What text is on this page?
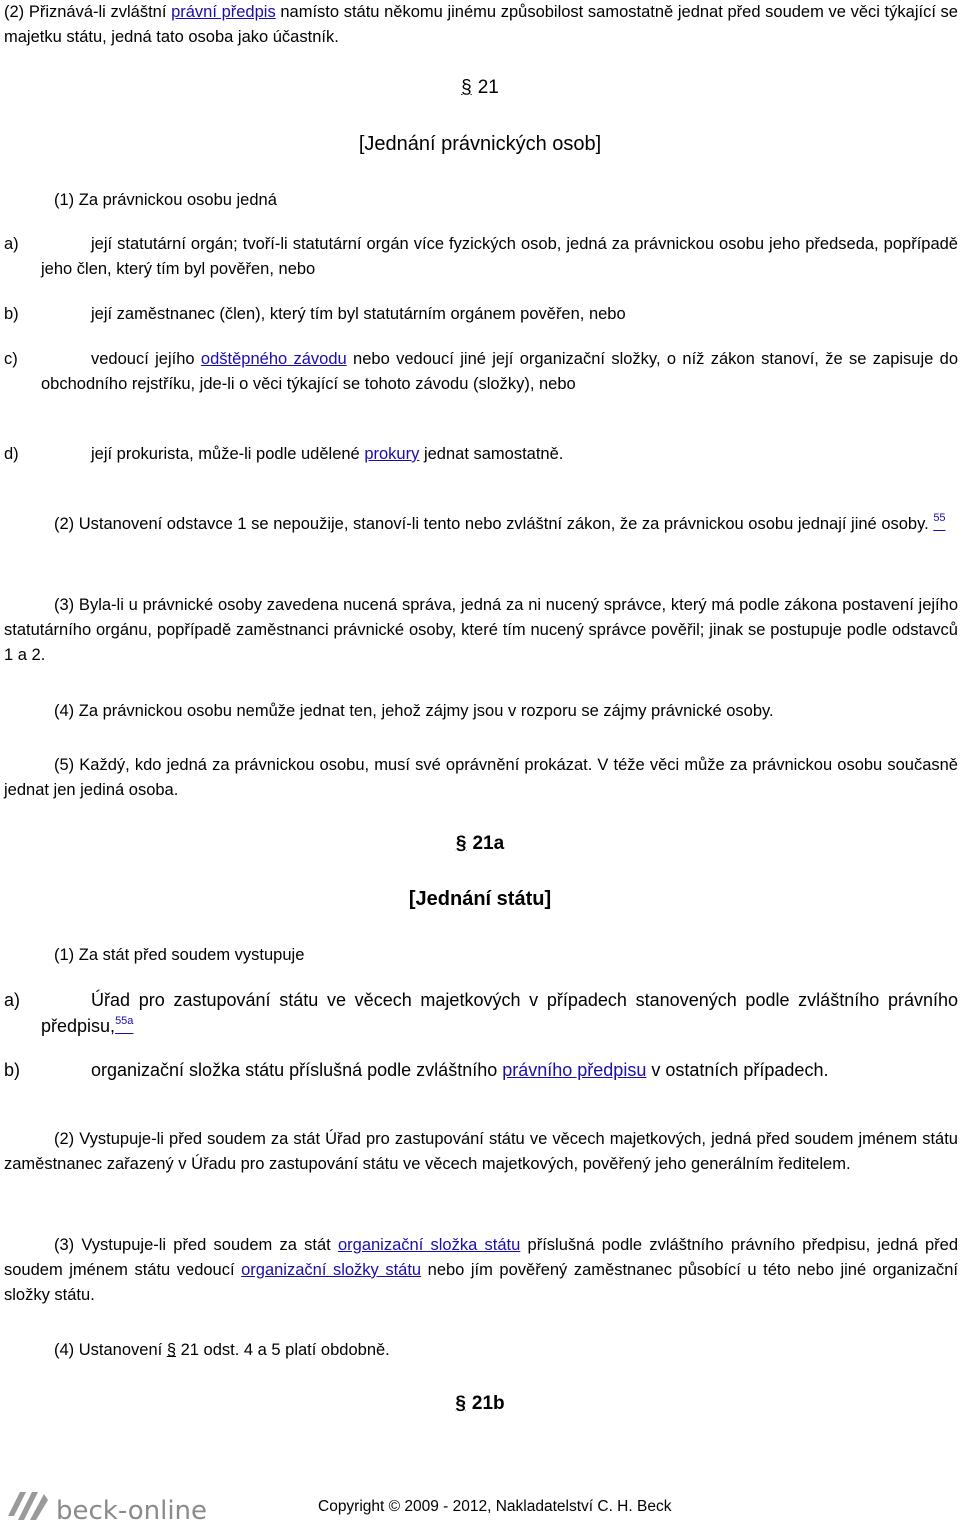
(2) Přiznává-li zvláštní právní předpis namísto státu někomu jinému způsobilost samostatně jednat před soudem ve věci týkající se majetku státu, jedná tato osoba jako účastník.
§ 21
[Jednání právnických osob]
(1) Za právnickou osobu jedná
a)	její statutární orgán; tvoří-li statutární orgán více fyzických osob, jedná za právnickou osobu jeho předseda, popřípadě jeho člen, který tím byl pověřen, nebo
b)	její zaměstnanec (člen), který tím byl statutárním orgánem pověřen, nebo
c)	vedoucí jejího odštěpného závodu nebo vedoucí jiné její organizační složky, o níž zákon stanoví, že se zapisuje do obchodního rejstříku, jde-li o věci týkající se tohoto závodu (složky), nebo
d)	její prokurista, může-li podle udělené prokury jednat samostatně.
(2) Ustanovení odstavce 1 se nepoužije, stanoví-li tento nebo zvláštní zákon, že za právnickou osobu jednají jiné osoby. $^{55}$
(3) Byla-li u právnické osoby zavedena nucená správa, jedná za ni nucený správce, který má podle zákona postavení jejího statutárního orgánu, popřípadě zaměstnanci právnické osoby, které tím nucený správce pověřil; jinak se postupuje podle odstavců 1 a 2.
(4) Za právnickou osobu nemůže jednat ten, jehož zájmy jsou v rozporu se zájmy právnické osoby.
(5) Každý, kdo jedná za právnickou osobu, musí své oprávnění prokázat. V téže věci může za právnickou osobu současně jednat jen jediná osoba.
§ 21a
[Jednání státu]
(1) Za stát před soudem vystupuje
a)	Úřad pro zastupování státu ve věcech majetkových v případech stanovených podle zvláštního právního předpisu,$^{55a}$
b)	organizační složka státu příslušná podle zvláštního právního předpisu v ostatních případech.
(2) Vystupuje-li před soudem za stát Úřad pro zastupování státu ve věcech majetkových, jedná před soudem jménem státu zaměstnanec zařazený v Úřadu pro zastupování státu ve věcech majetkových, pověřený jeho generálním ředitelem.
(3) Vystupuje-li před soudem za stát organizační složka státu příslušná podle zvláštního právního předpisu, jedná před soudem jménem státu vedoucí organizační složky státu nebo jím pověřený zaměstnanec působící u této nebo jiné organizační složky státu.
(4) Ustanovení § 21 odst. 4 a 5 platí obdobně.
§ 21b
beck-online	Copyright © 2009 - 2012, Nakladatelství C. H. Beck
